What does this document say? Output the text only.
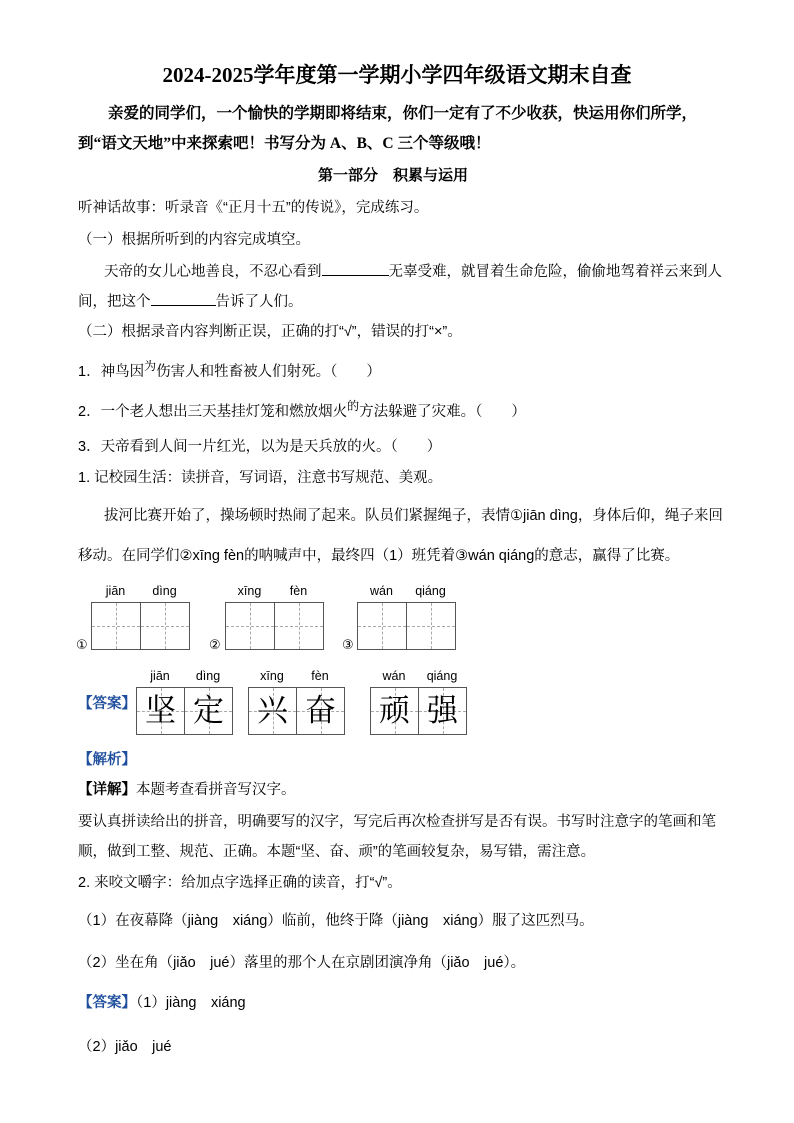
2024-2025学年度第一学期小学四年级语文期末自查
亲爱的同学们，一个愉快的学期即将结束，你们一定有了不少收获，快运用你们所学，
到“语文天地”中来探索吧！书写分为 A、B、C 三个等级哦！
第一部分　积累与运用
听神话故事：听录音《“正月十五”的传说》，完成练习。
（一）根据所听到的内容完成填空。
天帝的女儿心地善良，不忍心看到	无辜受难，就冒着生命危险，偷偷地驾着祥云来到人
间，把这个	告诉了人们。
（二）根据录音内容判断正误，正确的打“√”，错误的打“×”。
1．神鸟因$^为$伤害人和牲畜被人们射死。（　　）
2．一个老人想出三天基挂灯笼和燃放烟火$^的$方法躲避了灾难。（　　）
3．天帝看到人间一片红光，以为是天兵放的火。（　　）
1. 记校园生活：读拼音，写词语，注意书写规范、美观。
拔河比赛开始了，操场顿时热闹了起来。队员们紧握绳子，表情①jiān dìng，身体后仰，绳子来回
移动。在同学们②xīng fèn的呐喊声中，最终四（1）班凭着③wán qiáng的意志，赢得了比赛。
jiān	dìng
①
xīng	fèn
②
wán	qiáng
③
【答案】
jiān	dìng
坚 定
xīng	fèn
兴 奋
wán	qiáng
顽 强
【解析】
【详解】本题考查看拼音写汉字。
要认真拼读给出的拼音，明确要写的汉字，写完后再次检查拼写是否有误。书写时注意字的笔画和笔
顺，做到工整、规范、正确。本题“坚、奋、顽”的笔画较复杂，易写错，需注意。
2. 来咬文嚼字：给加点字选择正确的读音，打“√”。
（1）在夜幕降（jiàng　xiáng）临前，他终于降（jiàng　xiáng）服了这匹烈马。
（2）坐在角（jiǎo　jué）落里的那个人在京剧团演净角（jiǎo　jué）。
【答案】（1）jiàng　xiáng
（2）jiǎo　jué
